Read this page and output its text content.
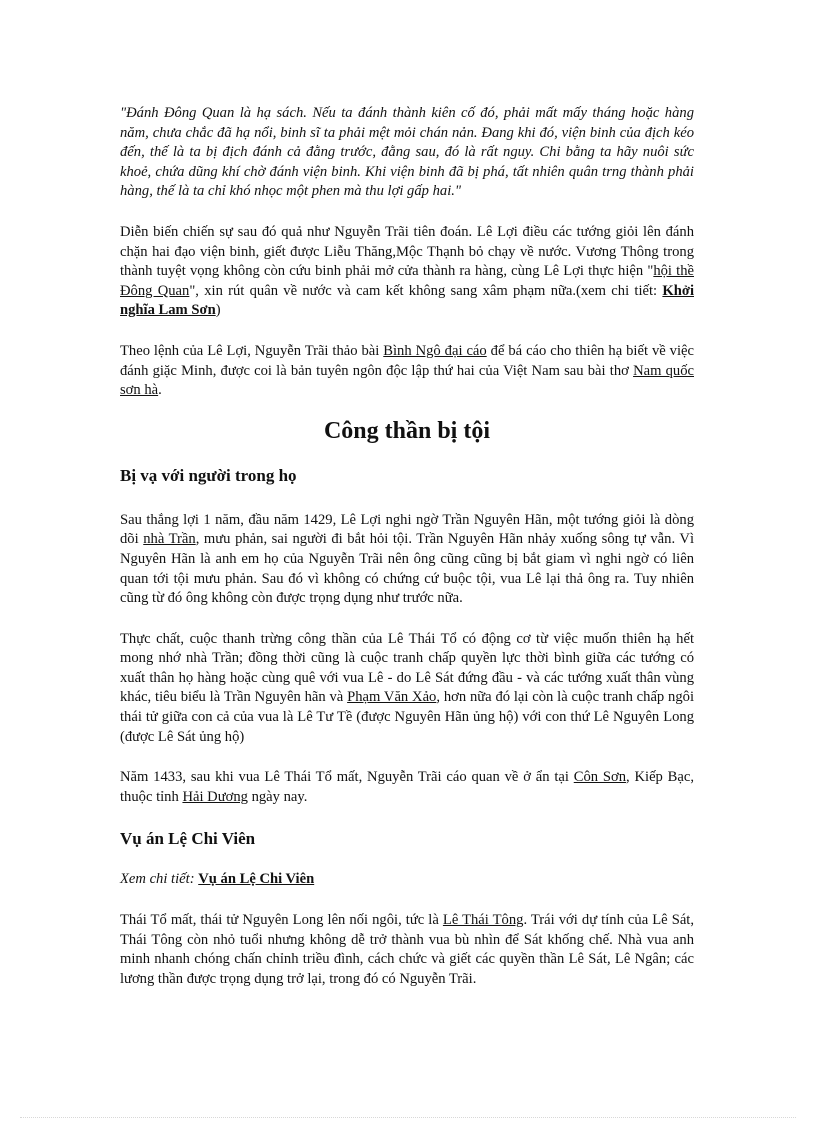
"Đánh Đông Quan là hạ sách. Nếu ta đánh thành kiên cố đó, phải mất mấy tháng hoặc hàng năm, chưa chắc đã hạ nổi, binh sĩ ta phải mệt mỏi chán nản. Đang khi đó, viện binh của địch kéo đến, thế là ta bị địch đánh cả đằng trước, đằng sau, đó là rất nguy. Chi bằng ta hãy nuôi sức khoẻ, chứa dũng khí chờ đánh viện binh. Khi viện binh đã bị phá, tất nhiên quân trng thành phải hàng, thế là ta chỉ khó nhọc một phen mà thu lợi gấp hai."

Diễn biến chiến sự sau đó quả như Nguyễn Trãi tiên đoán. Lê Lợi điều các tướng giỏi lên đánh chặn hai đạo viện binh, giết được Liễu Thăng,Mộc Thạnh bỏ chạy về nước. Vương Thông trong thành tuyệt vọng không còn cứu binh phải mở cửa thành ra hàng, cùng Lê Lợi thực hiện "hội thề Đông Quan", xin rút quân về nước và cam kết không sang xâm phạm nữa.(xem chi tiết: Khởi nghĩa Lam Sơn)

Theo lệnh của Lê Lợi, Nguyễn Trãi thảo bài Bình Ngô đại cáo để bá cáo cho thiên hạ biết về việc đánh giặc Minh, được coi là bản tuyên ngôn độc lập thứ hai của Việt Nam sau bài thơ Nam quốc sơn hà.

Công thần bị tội
Bị vạ với người trong họ

Sau thắng lợi 1 năm, đầu năm 1429, Lê Lợi nghi ngờ Trần Nguyên Hãn, một tướng giỏi là dòng dõi nhà Trần, mưu phản, sai người đi bắt hỏi tội. Trần Nguyên Hãn nhảy xuống sông tự vẫn. Vì Nguyên Hãn là anh em họ của Nguyễn Trãi nên ông cũng cũng bị bắt giam vì nghi ngờ có liên quan tới tội mưu phản. Sau đó vì không có chứng cứ buộc tội, vua Lê lại thả ông ra. Tuy nhiên cũng từ đó ông không còn được trọng dụng như trước nữa.

Thực chất, cuộc thanh trừng công thần của Lê Thái Tổ có động cơ từ việc muốn thiên hạ hết mong nhớ nhà Trần; đồng thời cũng là cuộc tranh chấp quyền lực thời bình giữa các tướng có xuất thân họ hàng hoặc cùng quê với vua Lê - do Lê Sát đứng đầu - và các tướng xuất thân vùng khác, tiêu biểu là Trần Nguyên hãn và Phạm Văn Xảo, hơn nữa đó lại còn là cuộc tranh chấp ngôi thái tử giữa con cả của vua là Lê Tư Tề (được Nguyên Hãn ủng hộ) với con thứ Lê Nguyên Long (được Lê Sát ủng hộ)

Năm 1433, sau khi vua Lê Thái Tổ mất, Nguyễn Trãi cáo quan về ở ẩn tại Côn Sơn, Kiếp Bạc, thuộc tỉnh Hải Dương ngày nay.

Vụ án Lệ Chi Viên

Xem chi tiết: Vụ án Lệ Chi Viên

Thái Tổ mất, thái tử Nguyên Long lên nối ngôi, tức là Lê Thái Tông. Trái với dự tính của Lê Sát, Thái Tông còn nhỏ tuổi nhưng không dễ trở thành vua bù nhìn để Sát khống chế. Nhà vua anh minh nhanh chóng chấn chỉnh triều đình, cách chức và giết các quyền thần Lê Sát, Lê Ngân; các lương thần được trọng dụng trở lại, trong đó có Nguyễn Trãi.
